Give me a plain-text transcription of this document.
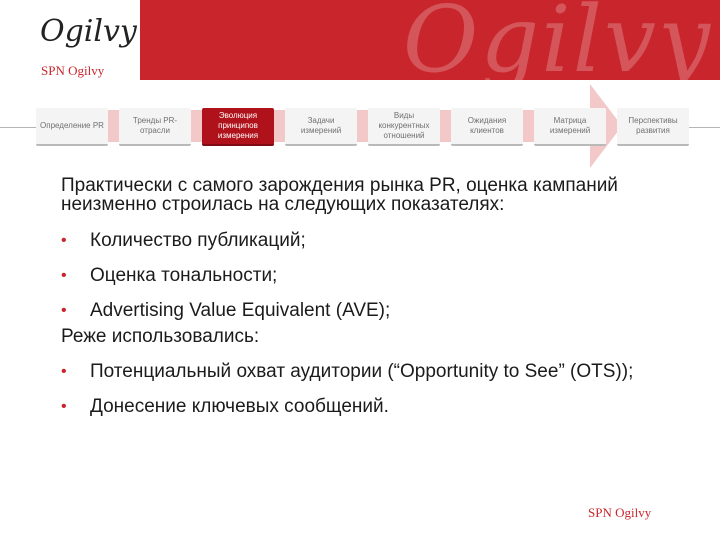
Ogilvy
Ogilvy
SPN Ogilvy
Определение PR
Тренды PR-отрасли
Эволюция принципов измерения
Задачи измерений
Виды конкурентных отношений
Ожидания клиентов
Матрица измерений
Перспективы развития

Практически с самого зарождения рынка PR, оценка кампаний неизменно строилась на следующих показателях:

• Количество публикаций;
• Оценка тональности;
• Advertising Value Equivalent (AVE);

Реже использовались:

• Потенциальный охват аудитории (“Opportunity to See” (OTS));
• Донесение ключевых сообщений.
SPN Ogilvy
